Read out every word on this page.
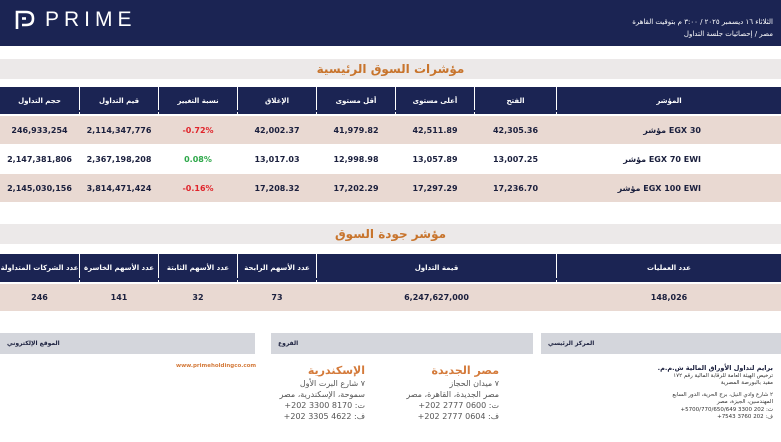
PRIME	الثلاثاء ١٦ ديسمبر ٢٠٢٥ / ٣:٠٠ م بتوقيت القاهرة
مصر / إحصائيات جلسة التداول
مؤشرات السوق الرئيسية
المؤشر
الفتح
أعلى مستوى
أقل مستوى
الإغلاق
نسبة التغيير
قيم التداول
حجم التداول
مؤشر EGX 30
42,305.36
42,511.89
41,979.82
42,002.37
-0.72%
2,114,347,776
246,933,254
مؤشر EGX 70 EWI
13,007.25
13,057.89
12,998.98
13,017.03
0.08%
2,367,198,208
2,147,381,806
مؤشر EGX 100 EWI
17,236.70
17,297.29
17,202.29
17,208.32
-0.16%
3,814,471,424
2,145,030,156
مؤشر جودة السوق
عدد العمليات
قيمة التداول
عدد الأسهم الرابحة
عدد الأسهم الثابتة
عدد الأسهم الخاسرة
عدد الشركات المتداولة
148,026
6,247,627,000
73
32
141
246
المركز الرئيسي
الفروع
الموقع الإلكتروني
برايم لتداول الأوراق المالية ش.م.م.
ترخيص الهيئة العامة للرقابة المالية رقم ١٧٢
مقيد بالبورصة المصرية
٢ شارع وادي النيل، برج الحرية، الدور السابع
المهندسين، الجيزة، مصر
ت: 202 3300 5700/770/650/649+
ف: 202 3760 7543+
مصر الجديدة
٧ ميدان الحجاز
مصر الجديدة، القاهرة، مصر
ت: 0600 2777 202+
ف: 0604 2777 202+
الإسكندرية
٧ شارع البرت الأول
سموحة، الإسكندرية، مصر
ت: 8170 3300 202+
ف: 4622 3305 202+
www.primeholdingco.com
